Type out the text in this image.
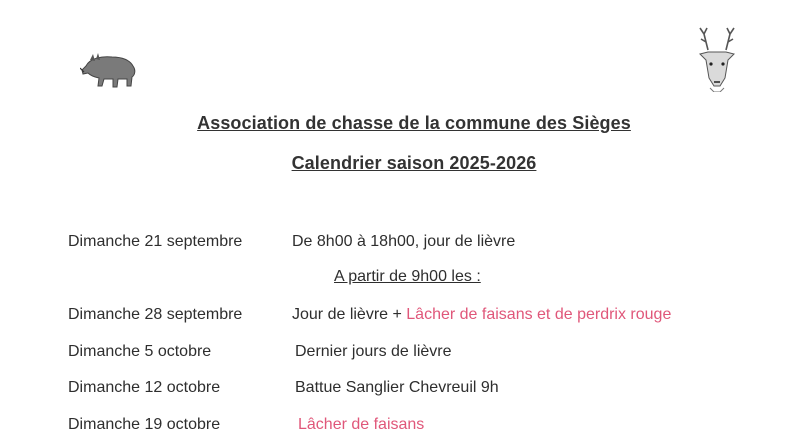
Association de chasse de la commune des Sièges
Calendrier saison 2025-2026
Dimanche 21 septembre	De 8h00 à 18h00, jour de lièvre
A partir de 9h00 les :
Dimanche 28 septembre	Jour de lièvre + Lâcher de faisans et de perdrix rouge
Dimanche 5 octobre	Dernier jours de lièvre
Dimanche 12 octobre	Battue Sanglier Chevreuil 9h
Dimanche 19 octobre	Lâcher de faisans
